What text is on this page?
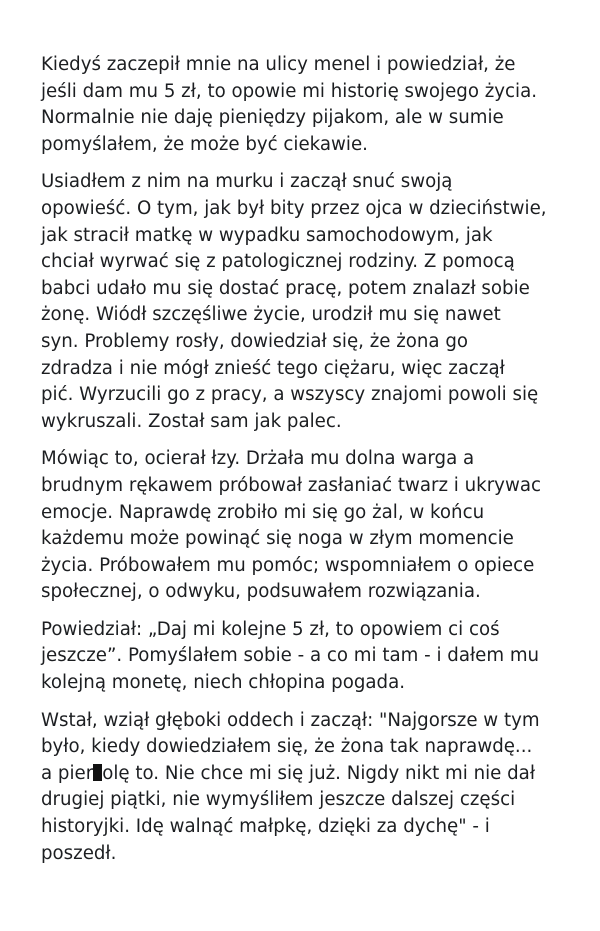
Kiedyś zaczepił mnie na ulicy menel i powiedział, że
jeśli dam mu 5 zł, to opowie mi historię swojego życia.
Normalnie nie daję pieniędzy pijakom, ale w sumie
pomyślałem, że może być ciekawie.

Usiadłem z nim na murku i zaczął snuć swoją
opowieść. O tym, jak był bity przez ojca w dzieciństwie,
jak stracił matkę w wypadku samochodowym, jak
chciał wyrwać się z patologicznej rodziny. Z pomocą
babci udało mu się dostać pracę, potem znalazł sobie
żonę. Wiódł szczęśliwe życie, urodził mu się nawet
syn. Problemy rosły, dowiedział się, że żona go
zdradza i nie mógł znieść tego ciężaru, więc zaczął
pić. Wyrzucili go z pracy, a wszyscy znajomi powoli się
wykruszali. Został sam jak palec.

Mówiąc to, ocierał łzy. Drżała mu dolna warga a
brudnym rękawem próbował zasłaniać twarz i ukrywac
emocje. Naprawdę zrobiło mi się go żal, w końcu
każdemu może powinąć się noga w złym momencie
życia. Próbowałem mu pomóc; wspomniałem o opiece
społecznej, o odwyku, podsuwałem rozwiązania.

Powiedział: „Daj mi kolejne 5 zł, to opowiem ci coś
jeszcze”. Pomyślałem sobie - a co mi tam - i dałem mu
kolejną monetę, niech chłopina pogada.

Wstał, wziął głęboki oddech i zaczął: "Najgorsze w tym
było, kiedy dowiedziałem się, że żona tak naprawdę...
a pier olę to. Nie chce mi się już. Nigdy nikt mi nie dał
drugiej piątki, nie wymyśliłem jeszcze dalszej części
historyjki. Idę walnąć małpkę, dzięki za dychę" - i
poszedł.
